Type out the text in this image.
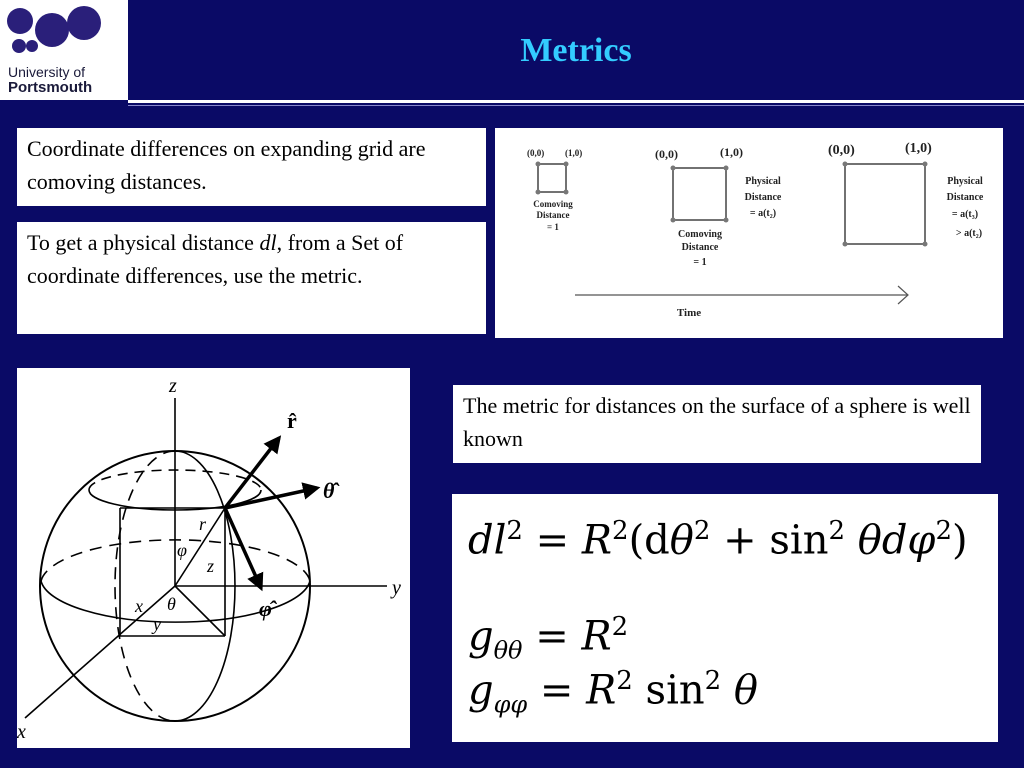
University of
Portsmouth
Metrics
Coordinate differences on expanding grid are comoving distances.
To get a physical distance dl, from a Set of coordinate differences, use the metric.
(0,0) (1,0)
Comoving
Distance
= 1
(0,0)	(1,0)
Comoving
Distance
= 1
Physical
Distance
= a(t₂)
(0,0)	(1,0)
Physical
Distance
= a(t₃)
> a(t₂)
Time
z
y
x
r
φ
z
θ
x
y
r̂
θ̂
φ̂
The metric for distances on the surface of a sphere is well known
$dl^2 = R^2(d\theta^2 + \sin^2 \theta d\varphi^2)$
$g_{\theta\theta} = R^2$
$g_{\varphi\varphi} = R^2$ $\sin^2 \theta$
